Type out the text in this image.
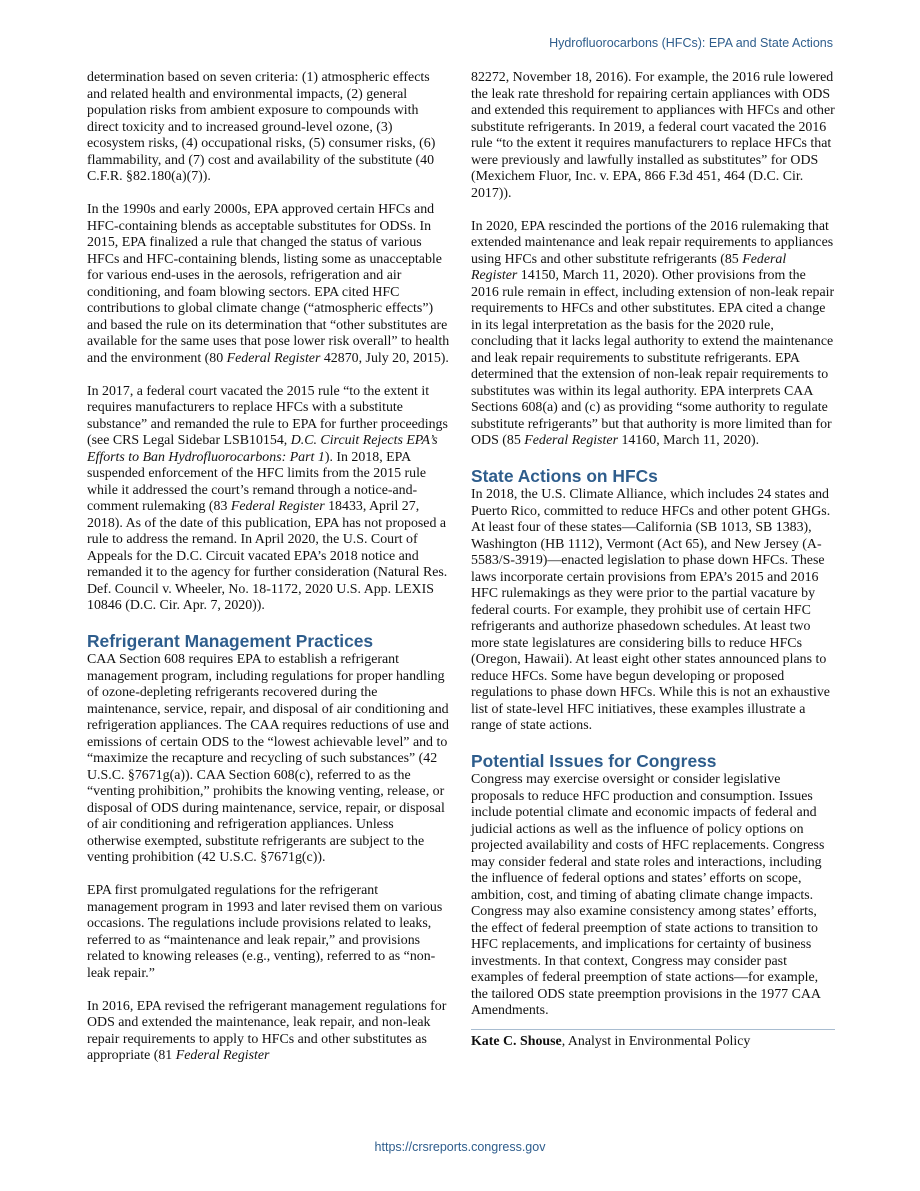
Hydrofluorocarbons (HFCs): EPA and State Actions

determination based on seven criteria: (1) atmospheric effects and related health and environmental impacts, (2) general population risks from ambient exposure to compounds with direct toxicity and to increased ground-level ozone, (3) ecosystem risks, (4) occupational risks, (5) consumer risks, (6) flammability, and (7) cost and availability of the substitute (40 C.F.R. §82.180(a)(7)).

In the 1990s and early 2000s, EPA approved certain HFCs and HFC-containing blends as acceptable substitutes for ODSs. In 2015, EPA finalized a rule that changed the status of various HFCs and HFC-containing blends, listing some as unacceptable for various end-uses in the aerosols, refrigeration and air conditioning, and foam blowing sectors. EPA cited HFC contributions to global climate change (“atmospheric effects”) and based the rule on its determination that “other substitutes are available for the same uses that pose lower risk overall” to health and the environment (80 Federal Register 42870, July 20, 2015).

In 2017, a federal court vacated the 2015 rule “to the extent it requires manufacturers to replace HFCs with a substitute substance” and remanded the rule to EPA for further proceedings (see CRS Legal Sidebar LSB10154, D.C. Circuit Rejects EPA’s Efforts to Ban Hydrofluorocarbons: Part 1). In 2018, EPA suspended enforcement of the HFC limits from the 2015 rule while it addressed the court’s remand through a notice-and-comment rulemaking (83 Federal Register 18433, April 27, 2018). As of the date of this publication, EPA has not proposed a rule to address the remand. In April 2020, the U.S. Court of Appeals for the D.C. Circuit vacated EPA’s 2018 notice and remanded it to the agency for further consideration (Natural Res. Def. Council v. Wheeler, No. 18-1172, 2020 U.S. App. LEXIS 10846 (D.C. Cir. Apr. 7, 2020)).

Refrigerant Management Practices

CAA Section 608 requires EPA to establish a refrigerant management program, including regulations for proper handling of ozone-depleting refrigerants recovered during the maintenance, service, repair, and disposal of air conditioning and refrigeration appliances. The CAA requires reductions of use and emissions of certain ODS to the “lowest achievable level” and to “maximize the recapture and recycling of such substances” (42 U.S.C. §7671g(a)). CAA Section 608(c), referred to as the “venting prohibition,” prohibits the knowing venting, release, or disposal of ODS during maintenance, service, repair, or disposal of air conditioning and refrigeration appliances. Unless otherwise exempted, substitute refrigerants are subject to the venting prohibition (42 U.S.C. §7671g(c)).

EPA first promulgated regulations for the refrigerant management program in 1993 and later revised them on various occasions. The regulations include provisions related to leaks, referred to as “maintenance and leak repair,” and provisions related to knowing releases (e.g., venting), referred to as “non-leak repair.”

In 2016, EPA revised the refrigerant management regulations for ODS and extended the maintenance, leak repair, and non-leak repair requirements to apply to HFCs and other substitutes as appropriate (81 Federal Register

82272, November 18, 2016). For example, the 2016 rule lowered the leak rate threshold for repairing certain appliances with ODS and extended this requirement to appliances with HFCs and other substitute refrigerants. In 2019, a federal court vacated the 2016 rule “to the extent it requires manufacturers to replace HFCs that were previously and lawfully installed as substitutes” for ODS (Mexichem Fluor, Inc. v. EPA, 866 F.3d 451, 464 (D.C. Cir. 2017)).

In 2020, EPA rescinded the portions of the 2016 rulemaking that extended maintenance and leak repair requirements to appliances using HFCs and other substitute refrigerants (85 Federal Register 14150, March 11, 2020). Other provisions from the 2016 rule remain in effect, including extension of non-leak repair requirements to HFCs and other substitutes. EPA cited a change in its legal interpretation as the basis for the 2020 rule, concluding that it lacks legal authority to extend the maintenance and leak repair requirements to substitute refrigerants. EPA determined that the extension of non-leak repair requirements to substitutes was within its legal authority. EPA interprets CAA Sections 608(a) and (c) as providing “some authority to regulate substitute refrigerants” but that authority is more limited than for ODS (85 Federal Register 14160, March 11, 2020).

State Actions on HFCs

In 2018, the U.S. Climate Alliance, which includes 24 states and Puerto Rico, committed to reduce HFCs and other potent GHGs. At least four of these states—California (SB 1013, SB 1383), Washington (HB 1112), Vermont (Act 65), and New Jersey (A-5583/S-3919)—enacted legislation to phase down HFCs. These laws incorporate certain provisions from EPA’s 2015 and 2016 HFC rulemakings as they were prior to the partial vacature by federal courts. For example, they prohibit use of certain HFC refrigerants and authorize phasedown schedules. At least two more state legislatures are considering bills to reduce HFCs (Oregon, Hawaii). At least eight other states announced plans to reduce HFCs. Some have begun developing or proposed regulations to phase down HFCs. While this is not an exhaustive list of state-level HFC initiatives, these examples illustrate a range of state actions.

Potential Issues for Congress

Congress may exercise oversight or consider legislative proposals to reduce HFC production and consumption. Issues include potential climate and economic impacts of federal and judicial actions as well as the influence of policy options on projected availability and costs of HFC replacements. Congress may consider federal and state roles and interactions, including the influence of federal options and states’ efforts on scope, ambition, cost, and timing of abating climate change impacts. Congress may also examine consistency among states’ efforts, the effect of federal preemption of state actions to transition to HFC replacements, and implications for certainty of business investments. In that context, Congress may consider past examples of federal preemption of state actions—for example, the tailored ODS state preemption provisions in the 1977 CAA Amendments.

Kate C. Shouse, Analyst in Environmental Policy
https://crsreports.congress.gov
